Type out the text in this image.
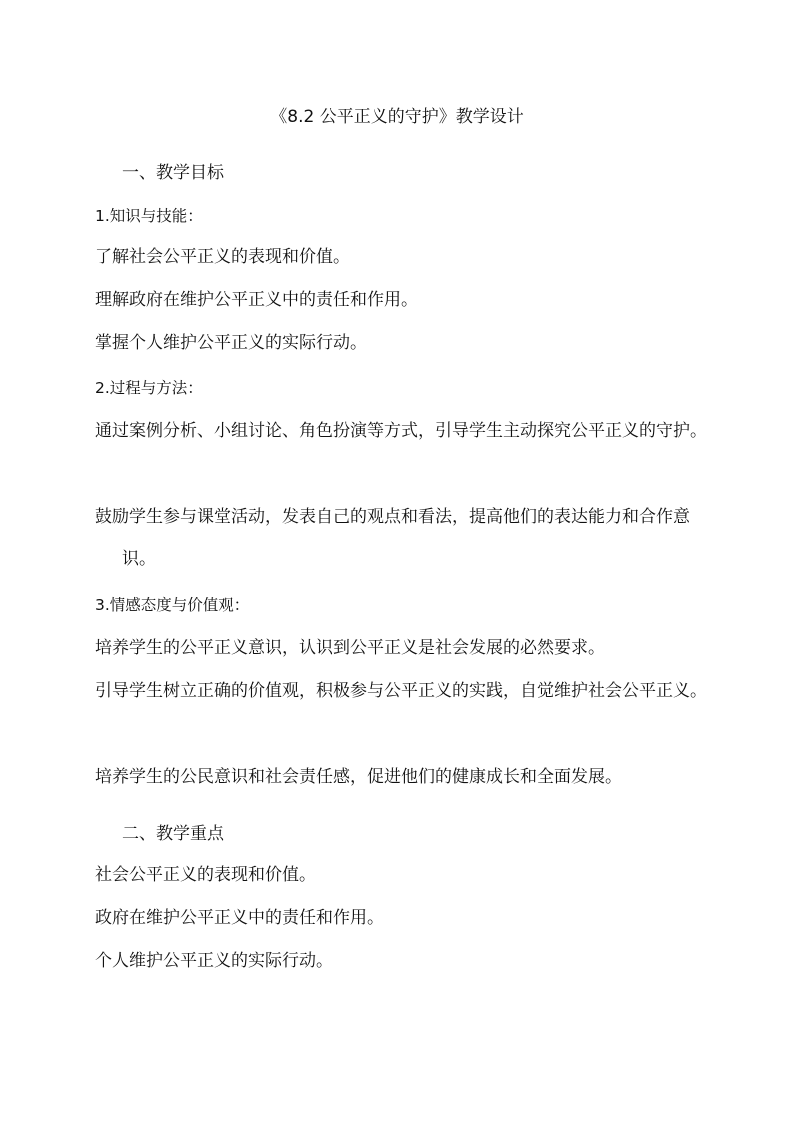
《8.2 公平正义的守护》教学设计
一、教学目标
1.知识与技能：
了解社会公平正义的表现和价值。
理解政府在维护公平正义中的责任和作用。
掌握个人维护公平正义的实际行动。
2.过程与方法：
通过案例分析、小组讨论、角色扮演等方式，引导学生主动探究公平正义的守护。
鼓励学生参与课堂活动，发表自己的观点和看法，提高他们的表达能力和合作意识。
3.情感态度与价值观：
培养学生的公平正义意识，认识到公平正义是社会发展的必然要求。
引导学生树立正确的价值观，积极参与公平正义的实践，自觉维护社会公平正义。
培养学生的公民意识和社会责任感，促进他们的健康成长和全面发展。
二、教学重点
社会公平正义的表现和价值。
政府在维护公平正义中的责任和作用。
个人维护公平正义的实际行动。
